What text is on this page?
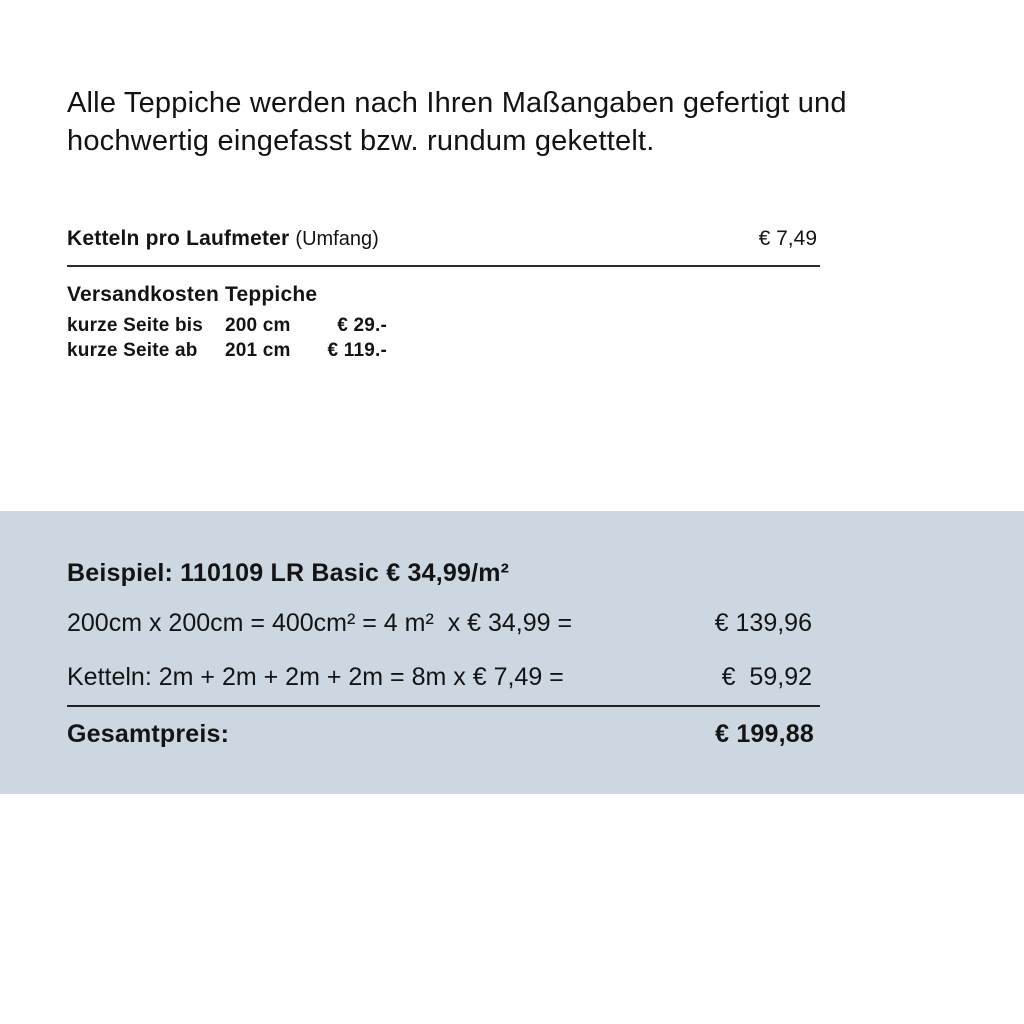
Alle Teppiche werden nach Ihren Maßangaben gefertigt und hochwertig eingefasst bzw. rundum gekettelt.

Ketteln pro Laufmeter (Umfang)	€ 7,49
Versandkosten Teppiche
kurze Seite bis	200 cm	€ 29.-
kurze Seite ab	201 cm	€ 119.-
Beispiel: 110109 LR Basic € 34,99/m²
200cm x 200cm = 400cm² = 4 m²  x € 34,99 =	€ 139,96
Ketteln: 2m + 2m + 2m + 2m = 8m x € 7,49 =	€  59,92
Gesamtpreis:	€ 199,88
